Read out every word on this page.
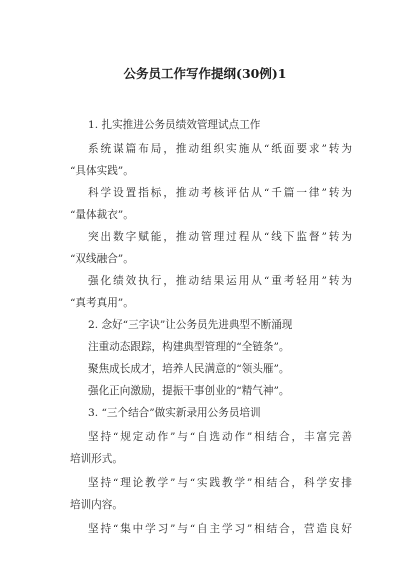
公务员工作写作提纲(30例)1
1. 扎实推进公务员绩效管理试点工作
系统谋篇布局，推动组织实施从“纸面要求”转为
“具体实践”。
科学设置指标，推动考核评估从“千篇一律”转为
“量体裁衣”。
突出数字赋能，推动管理过程从“线下监督”转为
“双线融合”。
强化绩效执行，推动结果运用从“重考轻用”转为
“真考真用”。
2. 念好“三字诀”让公务员先进典型不断涌现
注重动态跟踪，构建典型管理的“全链条”。
聚焦成长成才，培养人民满意的“领头雁”。
强化正向激励，提振干事创业的“精气神”。
3. “三个结合”做实新录用公务员培训
坚持“规定动作”与“自选动作”相结合，丰富完善
培训形式。
坚持“理论教学”与“实践教学”相结合，科学安排
培训内容。
坚持“集中学习”与“自主学习”相结合，营造良好
